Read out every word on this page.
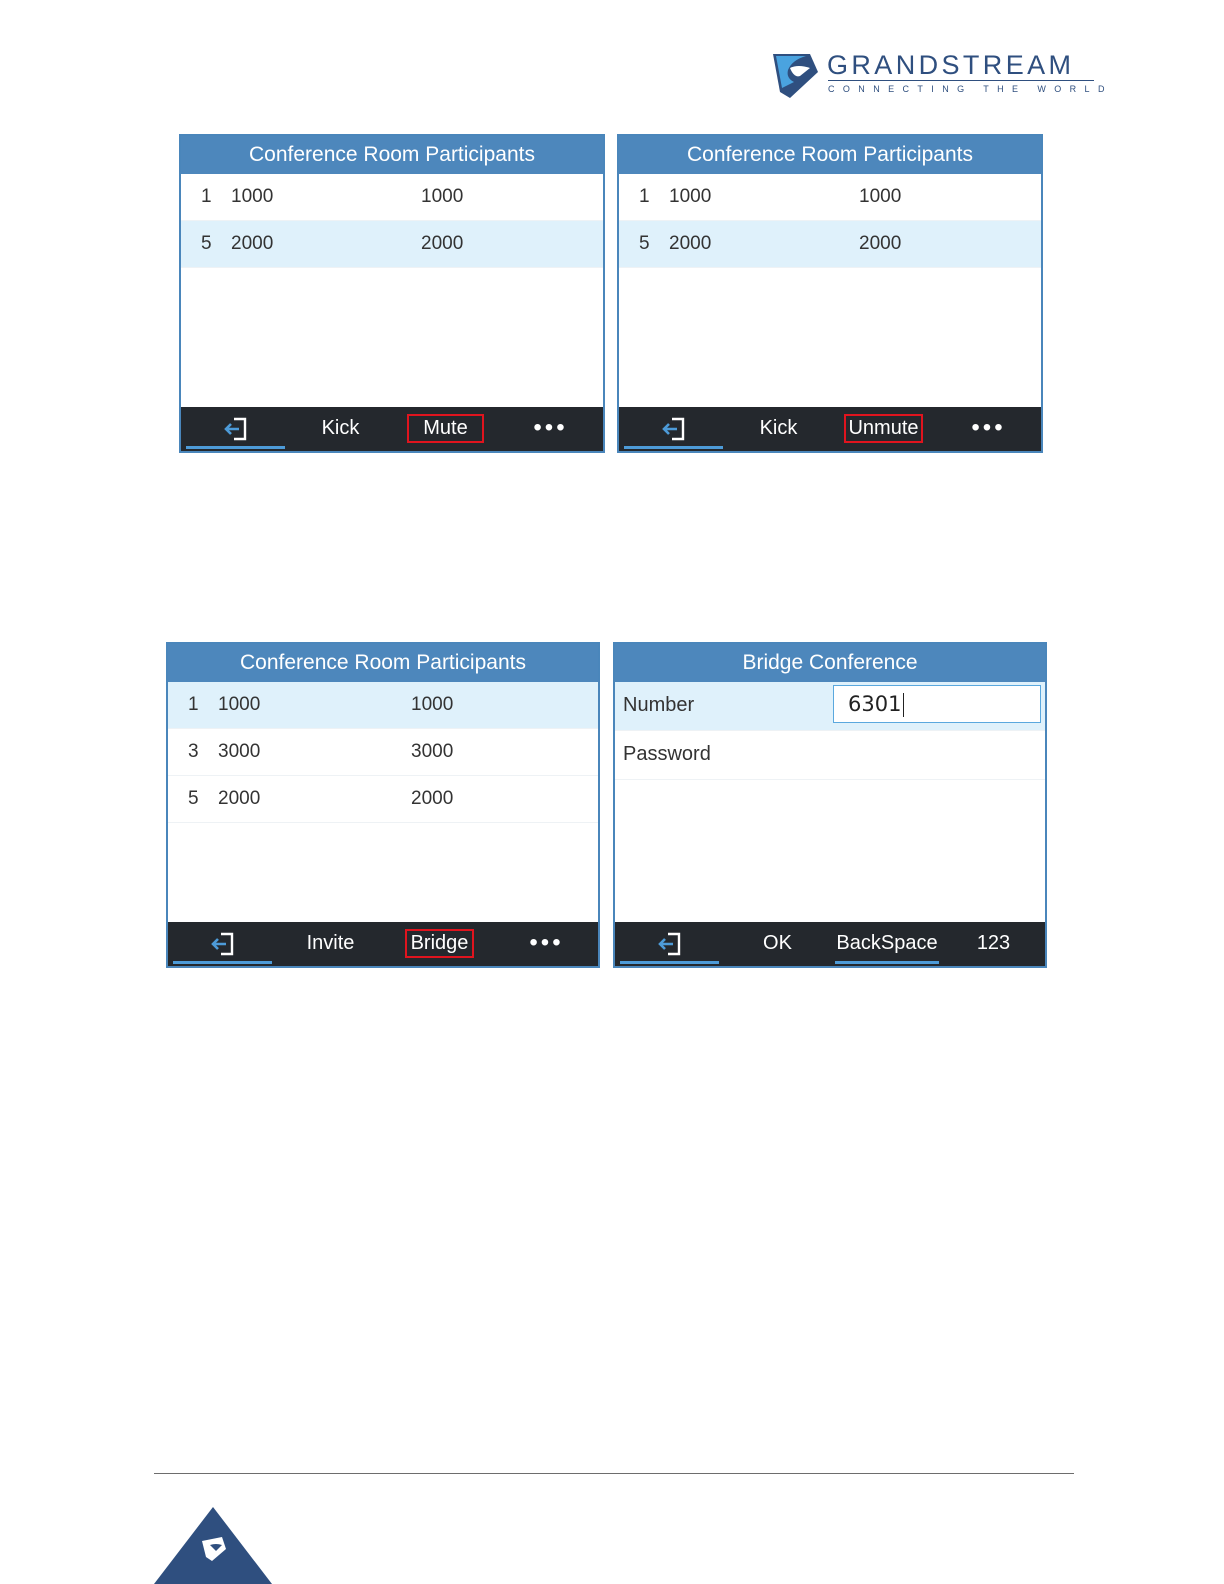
GRANDSTREAM
CONNECTING THE WORLD
Conference Room Participants
1 1000	1000
5 2000	2000
Kick	Mute	•••
Conference Room Participants
1 1000	1000
5 2000	2000
Kick	Unmute	•••
Conference Room Participants
1 1000	1000
3 3000	3000
5 2000	2000
Invite	Bridge	•••
Bridge Conference
Number	6301
Password
OK	BackSpace	123
